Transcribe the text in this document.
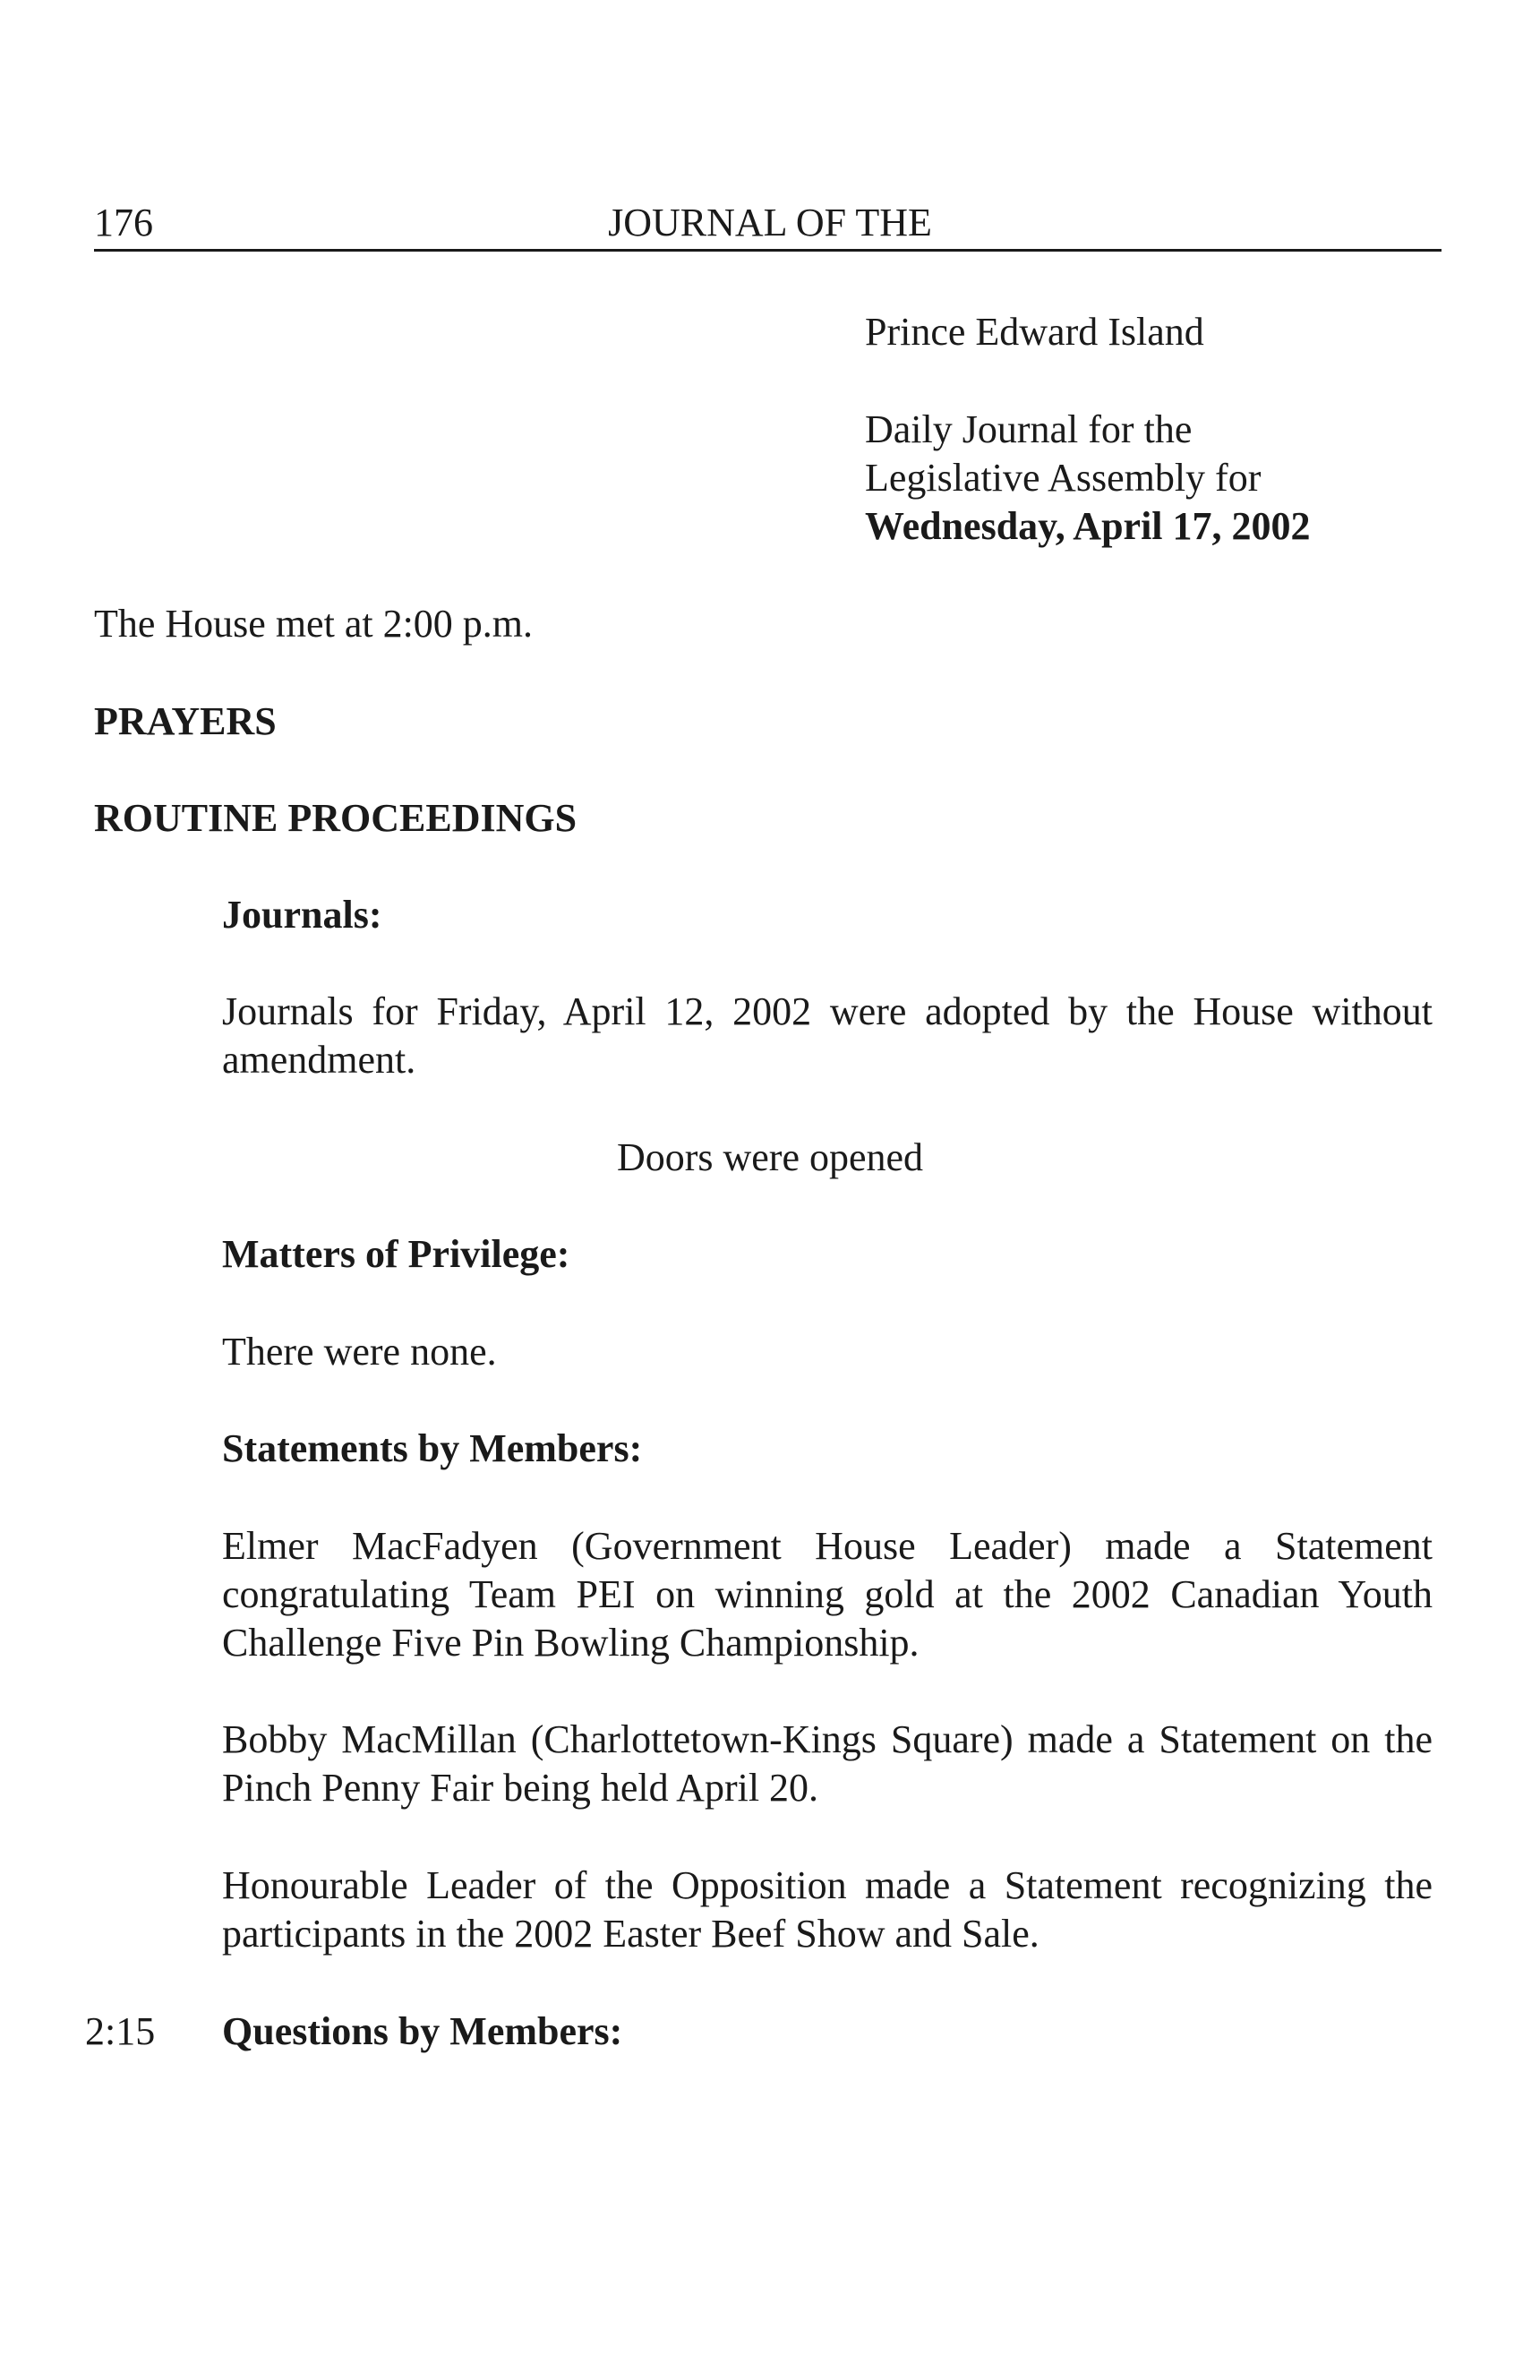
176	JOURNAL OF THE
Prince Edward Island
Daily Journal for the
Legislative Assembly for
Wednesday, April 17, 2002
The House met at 2:00 p.m.
PRAYERS
ROUTINE PROCEEDINGS
Journals:
Journals for Friday, April 12, 2002 were adopted by the House without amendment.
Doors were opened
Matters of Privilege:
There were none.
Statements by Members:
Elmer MacFadyen (Government House Leader) made a Statement congratulating Team PEI on winning gold at the 2002 Canadian Youth Challenge Five Pin Bowling Championship.
Bobby MacMillan (Charlottetown-Kings Square) made a Statement on the Pinch Penny Fair being held April 20.
Honourable Leader of the Opposition made a Statement recognizing the participants in the 2002 Easter Beef Show and Sale.
2:15 Questions by Members:
